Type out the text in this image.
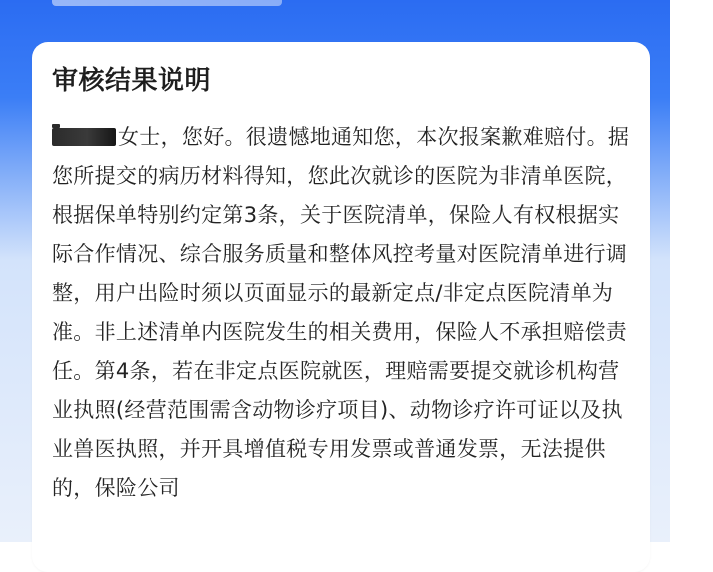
审核结果说明
女士，您好。很遗憾地通知您，本次报案歉难赔付。据您所提交的病历材料得知，您此次就诊的医院为非清单医院，根据保单特别约定第3条，关于医院清单，保险人有权根据实际合作情况、综合服务质量和整体风控考量对医院清单进行调整，用户出险时须以页面显示的最新定点/非定点医院清单为准。非上述清单内医院发生的相关费用，保险人不承担赔偿责任。第4条，若在非定点医院就医，理赔需要提交就诊机构营业执照(经营范围需含动物诊疗项目)、动物诊疗许可证以及执业兽医执照，并开具增值税专用发票或普通发票，无法提供的，保险公司
